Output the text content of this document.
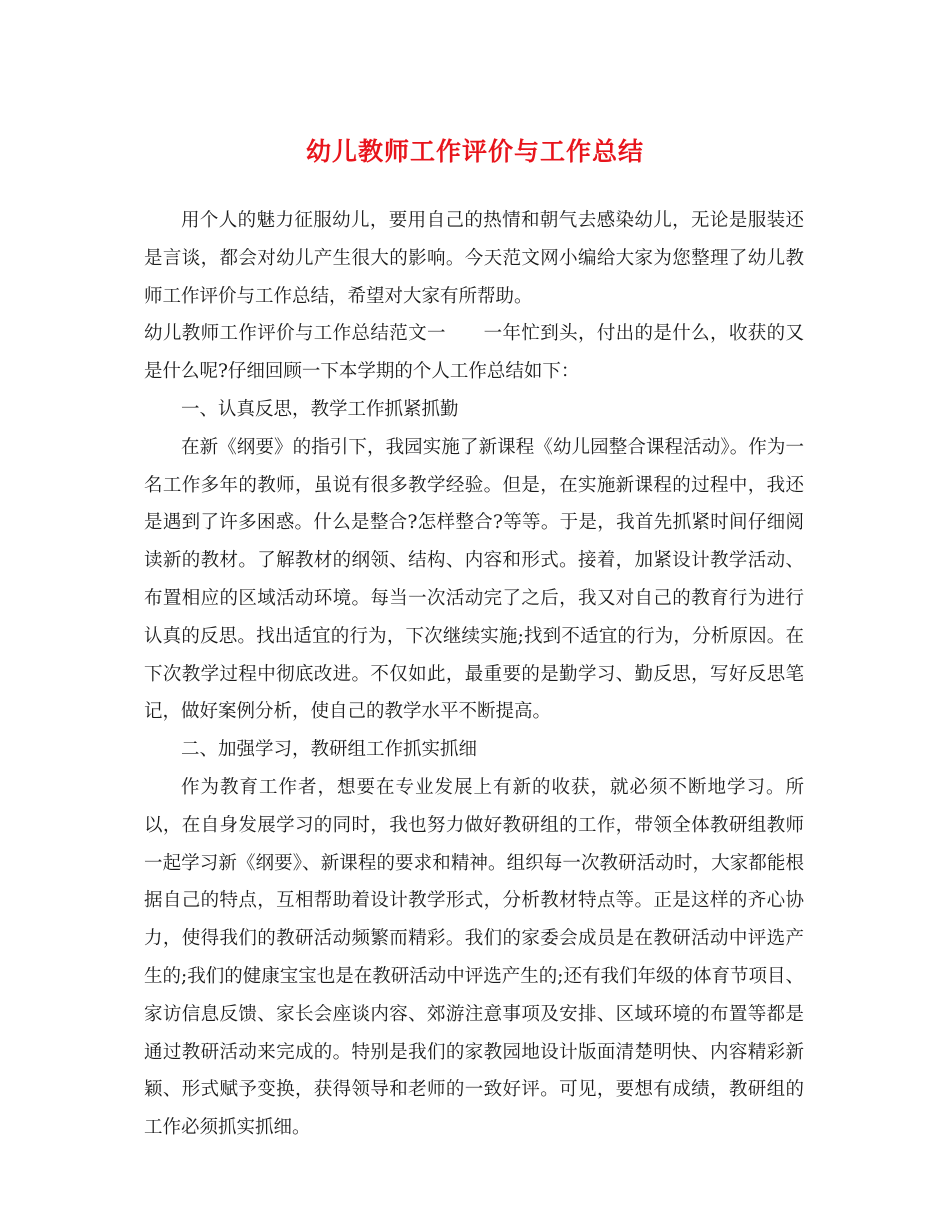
幼儿教师工作评价与工作总结

用个人的魅力征服幼儿，要用自己的热情和朝气去感染幼儿，无论是服装还是言谈，都会对幼儿产生很大的影响。今天范文网小编给大家为您整理了幼儿教师工作评价与工作总结，希望对大家有所帮助。

幼儿教师工作评价与工作总结范文一　　一年忙到头，付出的是什么，收获的又是什么呢?仔细回顾一下本学期的个人工作总结如下：

一、认真反思，教学工作抓紧抓勤

在新《纲要》的指引下，我园实施了新课程《幼儿园整合课程活动》。作为一名工作多年的教师，虽说有很多教学经验。但是，在实施新课程的过程中，我还是遇到了许多困惑。什么是整合?怎样整合?等等。于是，我首先抓紧时间仔细阅读新的教材。了解教材的纲领、结构、内容和形式。接着，加紧设计教学活动、布置相应的区域活动环境。每当一次活动完了之后，我又对自己的教育行为进行认真的反思。找出适宜的行为，下次继续实施;找到不适宜的行为，分析原因。在下次教学过程中彻底改进。不仅如此，最重要的是勤学习、勤反思，写好反思笔记，做好案例分析，使自己的教学水平不断提高。

二、加强学习，教研组工作抓实抓细

作为教育工作者，想要在专业发展上有新的收获，就必须不断地学习。所以，在自身发展学习的同时，我也努力做好教研组的工作，带领全体教研组教师一起学习新《纲要》、新课程的要求和精神。组织每一次教研活动时，大家都能根据自己的特点，互相帮助着设计教学形式，分析教材特点等。正是这样的齐心协力，使得我们的教研活动频繁而精彩。我们的家委会成员是在教研活动中评选产生的;我们的健康宝宝也是在教研活动中评选产生的;还有我们年级的体育节项目、家访信息反馈、家长会座谈内容、郊游注意事项及安排、区域环境的布置等都是通过教研活动来完成的。特别是我们的家教园地设计版面清楚明快、内容精彩新颖、形式赋予变换，获得领导和老师的一致好评。可见，要想有成绩，教研组的工作必须抓实抓细。
